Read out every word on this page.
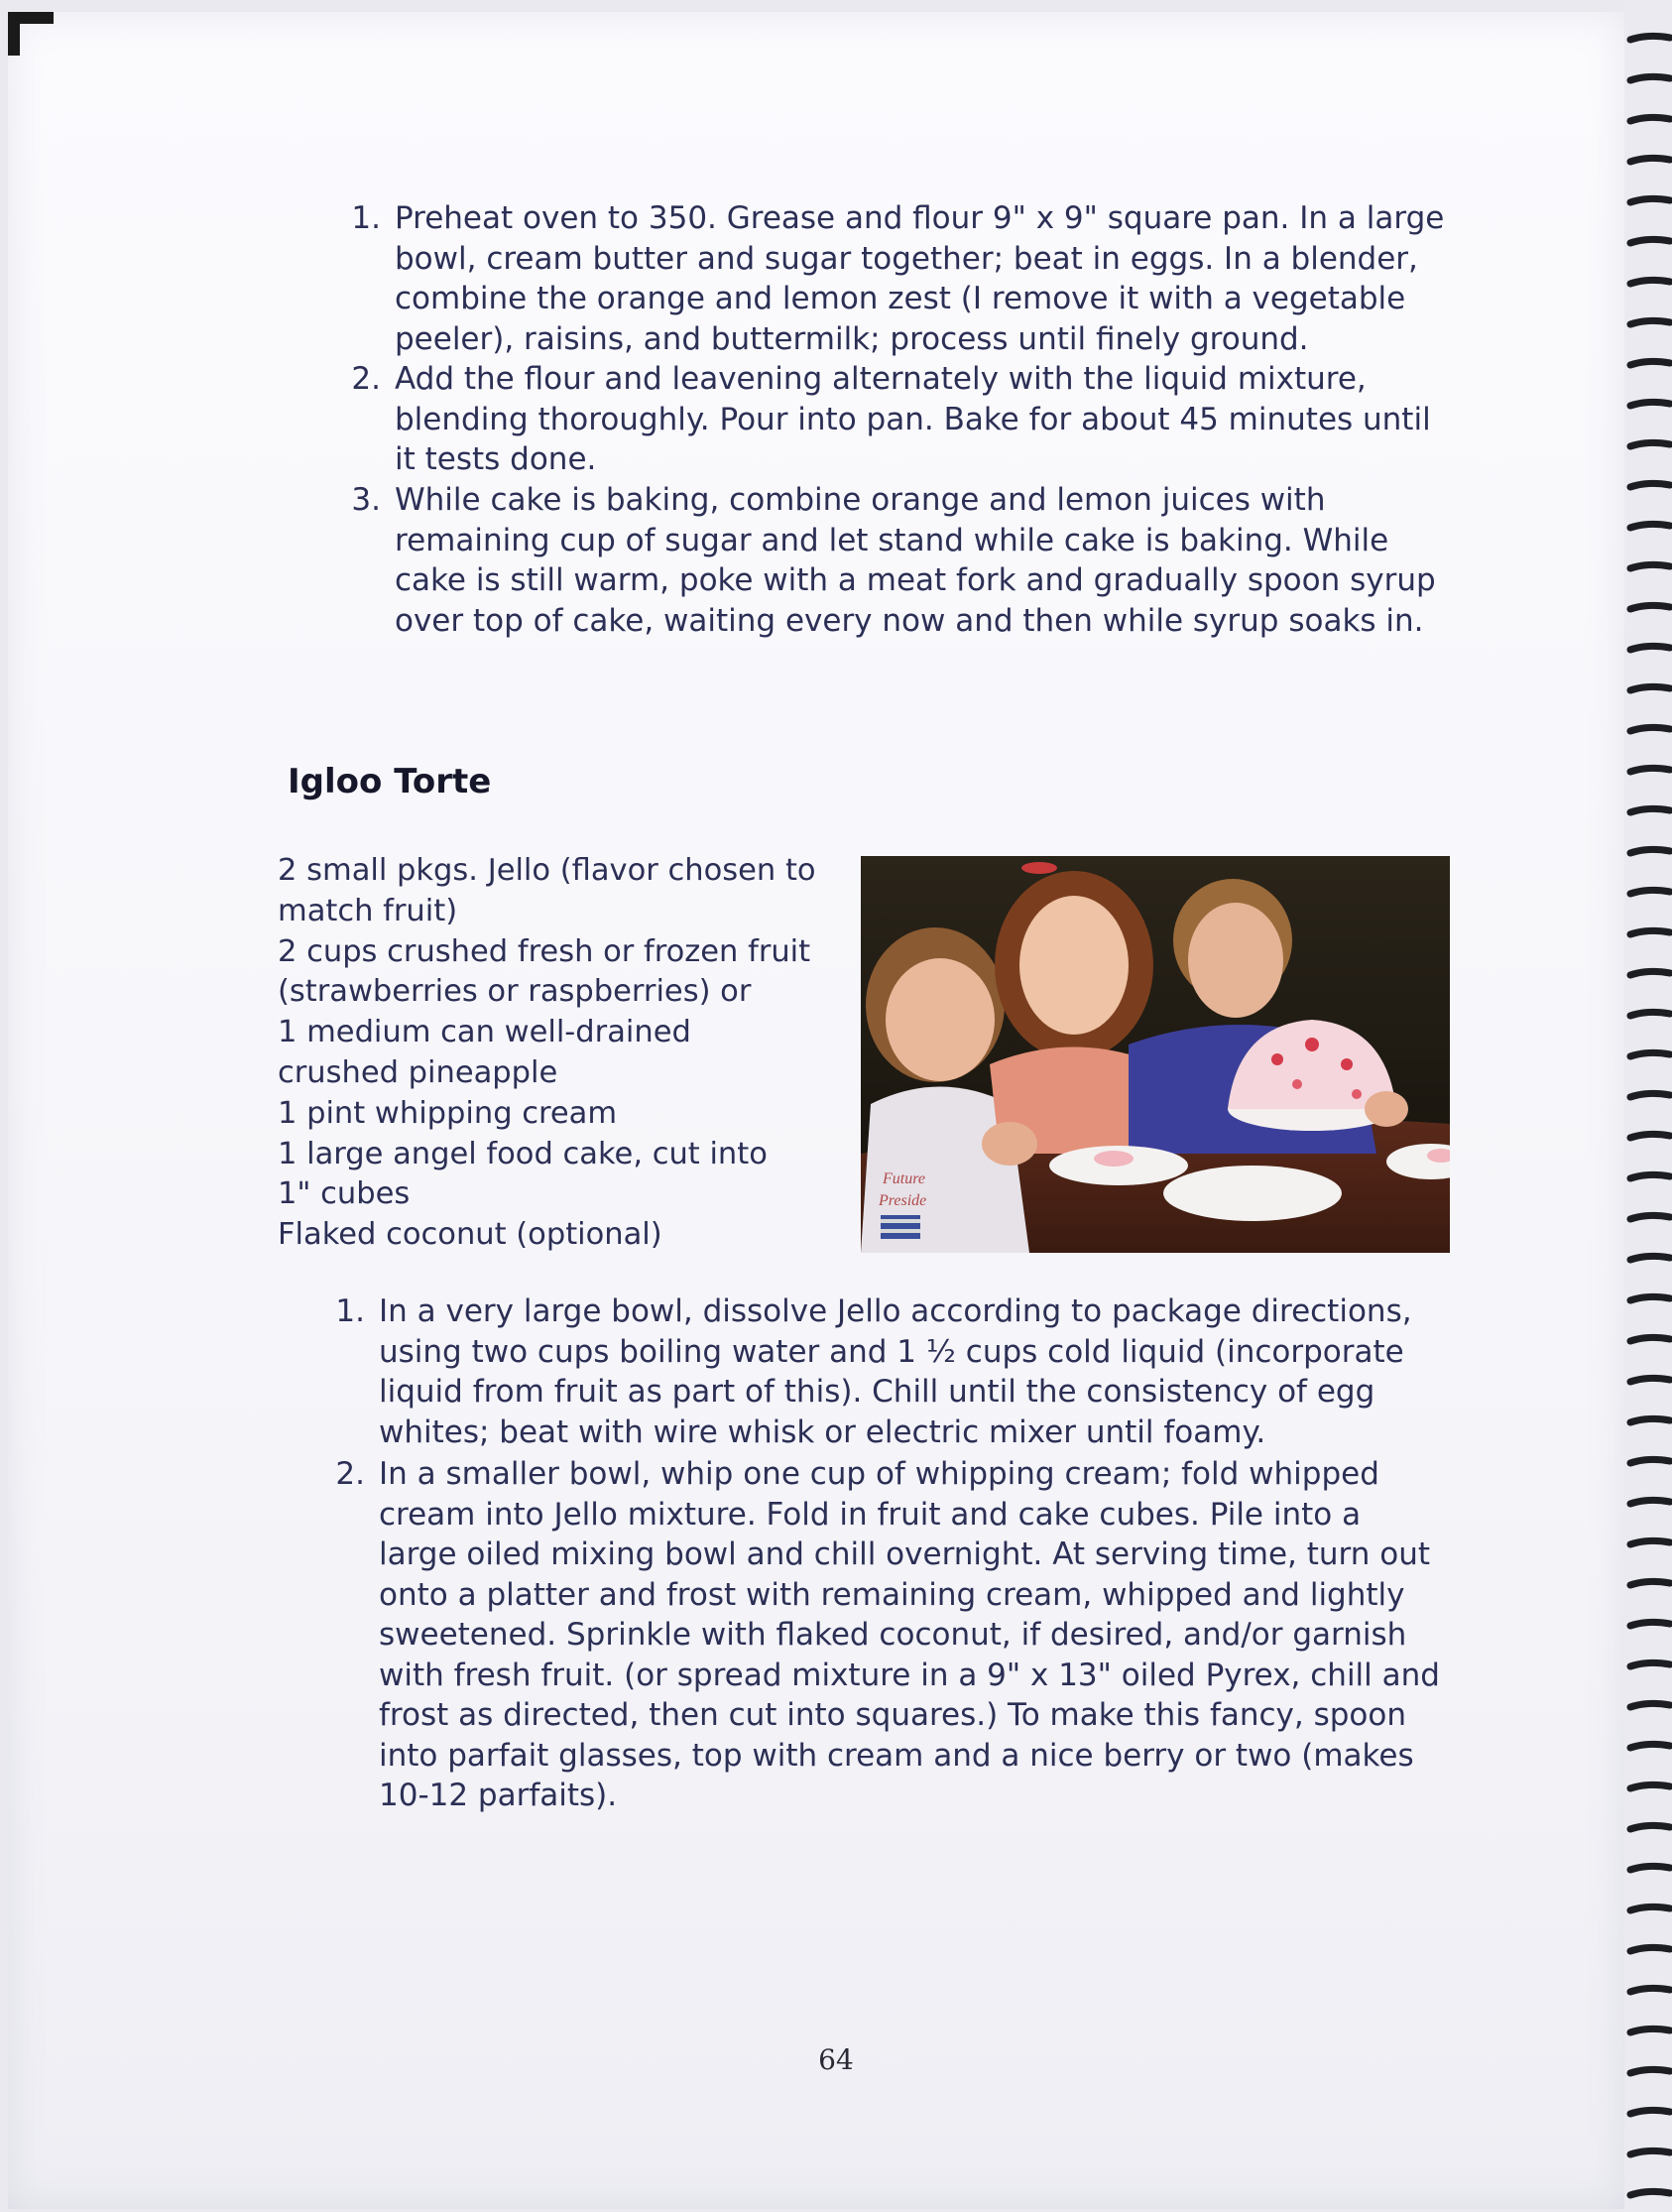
1. Preheat oven to 350. Grease and flour 9" x 9" square pan. In a large
bowl, cream butter and sugar together; beat in eggs. In a blender,
combine the orange and lemon zest (I remove it with a vegetable
peeler), raisins, and buttermilk; process until finely ground.
2. Add the flour and leavening alternately with the liquid mixture,
blending thoroughly. Pour into pan. Bake for about 45 minutes until
it tests done.
3. While cake is baking, combine orange and lemon juices with
remaining cup of sugar and let stand while cake is baking. While
cake is still warm, poke with a meat fork and gradually spoon syrup
over top of cake, waiting every now and then while syrup soaks in.
Igloo Torte
2 small pkgs. Jello (flavor chosen to
match fruit)
2 cups crushed fresh or frozen fruit
(strawberries or raspberries) or
1 medium can well-drained
crushed pineapple
1 pint whipping cream
1 large angel food cake, cut into
1" cubes
Flaked coconut (optional)
Future
Preside
1. In a very large bowl, dissolve Jello according to package directions,
using two cups boiling water and 1 ½ cups cold liquid (incorporate
liquid from fruit as part of this). Chill until the consistency of egg
whites; beat with wire whisk or electric mixer until foamy.
2. In a smaller bowl, whip one cup of whipping cream; fold whipped
cream into Jello mixture. Fold in fruit and cake cubes. Pile into a
large oiled mixing bowl and chill overnight. At serving time, turn out
onto a platter and frost with remaining cream, whipped and lightly
sweetened. Sprinkle with flaked coconut, if desired, and/or garnish
with fresh fruit. (or spread mixture in a 9" x 13" oiled Pyrex, chill and
frost as directed, then cut into squares.) To make this fancy, spoon
into parfait glasses, top with cream and a nice berry or two (makes
10-12 parfaits).
64
